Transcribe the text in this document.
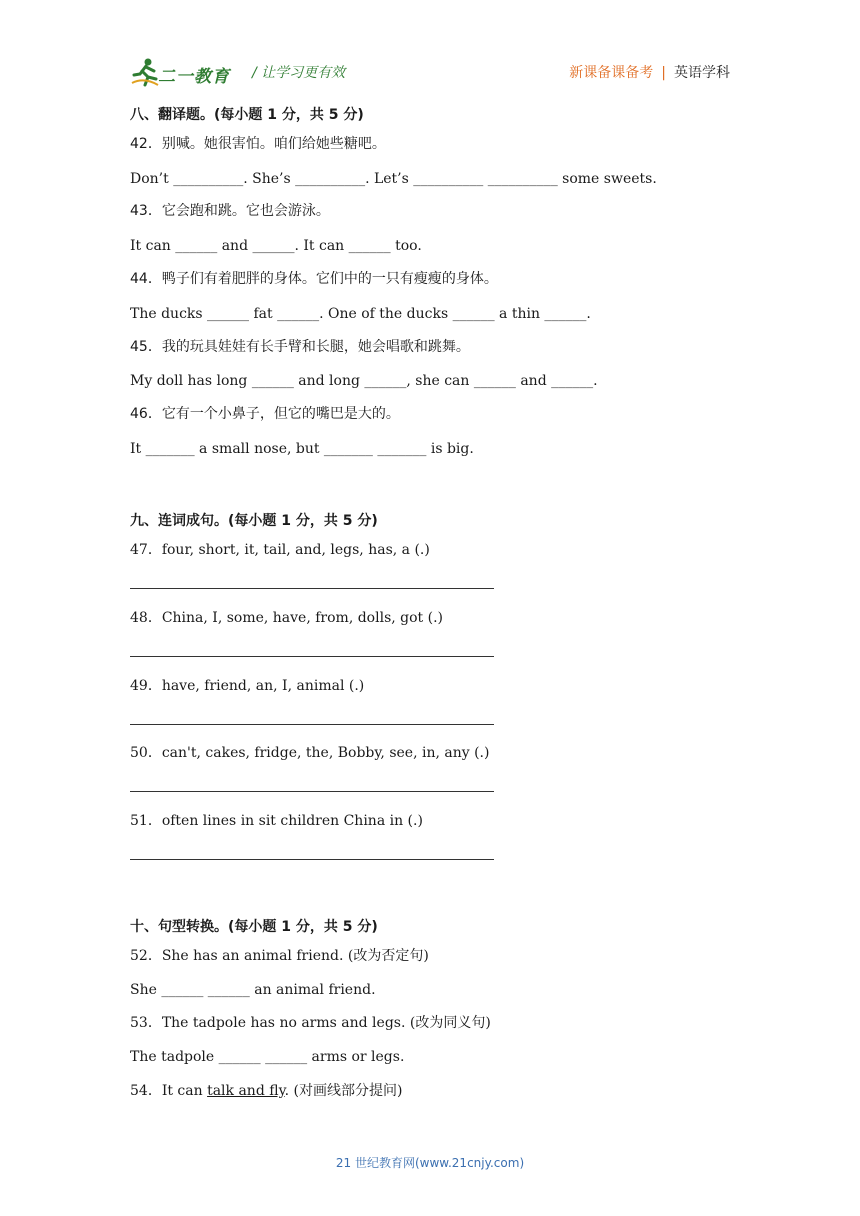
二一教育 / 让学习更有效	新课备课备考 | 英语学科
八、翻译题。(每小题 1 分，共 5 分)
42．别喊。她很害怕。咱们给她些糖吧。
Don’t __________. She’s __________. Let’s __________ __________ some sweets.
43．它会跑和跳。它也会游泳。
It can ______ and ______. It can ______ too.
44．鸭子们有着肥胖的身体。它们中的一只有瘦瘦的身体。
The ducks ______ fat ______. One of the ducks ______ a thin ______.
45．我的玩具娃娃有长手臂和长腿，她会唱歌和跳舞。
My doll has long ______ and long ______, she can ______ and ______.
46．它有一个小鼻子，但它的嘴巴是大的。
It _______ a small nose, but _______ _______ is big.
九、连词成句。(每小题 1 分，共 5 分)
47．four, short, it, tail, and, legs, has, a (.)
48．China, I, some, have, from, dolls, got (.)
49．have, friend, an, I, animal (.)
50．can't, cakes, fridge, the, Bobby, see, in, any (.)
51．often lines in sit children China in (.)
十、句型转换。(每小题 1 分，共 5 分)
52．She has an animal friend. (改为否定句)
She ______ ______ an animal friend.
53．The tadpole has no arms and legs. (改为同义句)
The tadpole ______ ______ arms or legs.
54．It can talk and fly. (对画线部分提问)
21 世纪教育网(www.21cnjy.com)
